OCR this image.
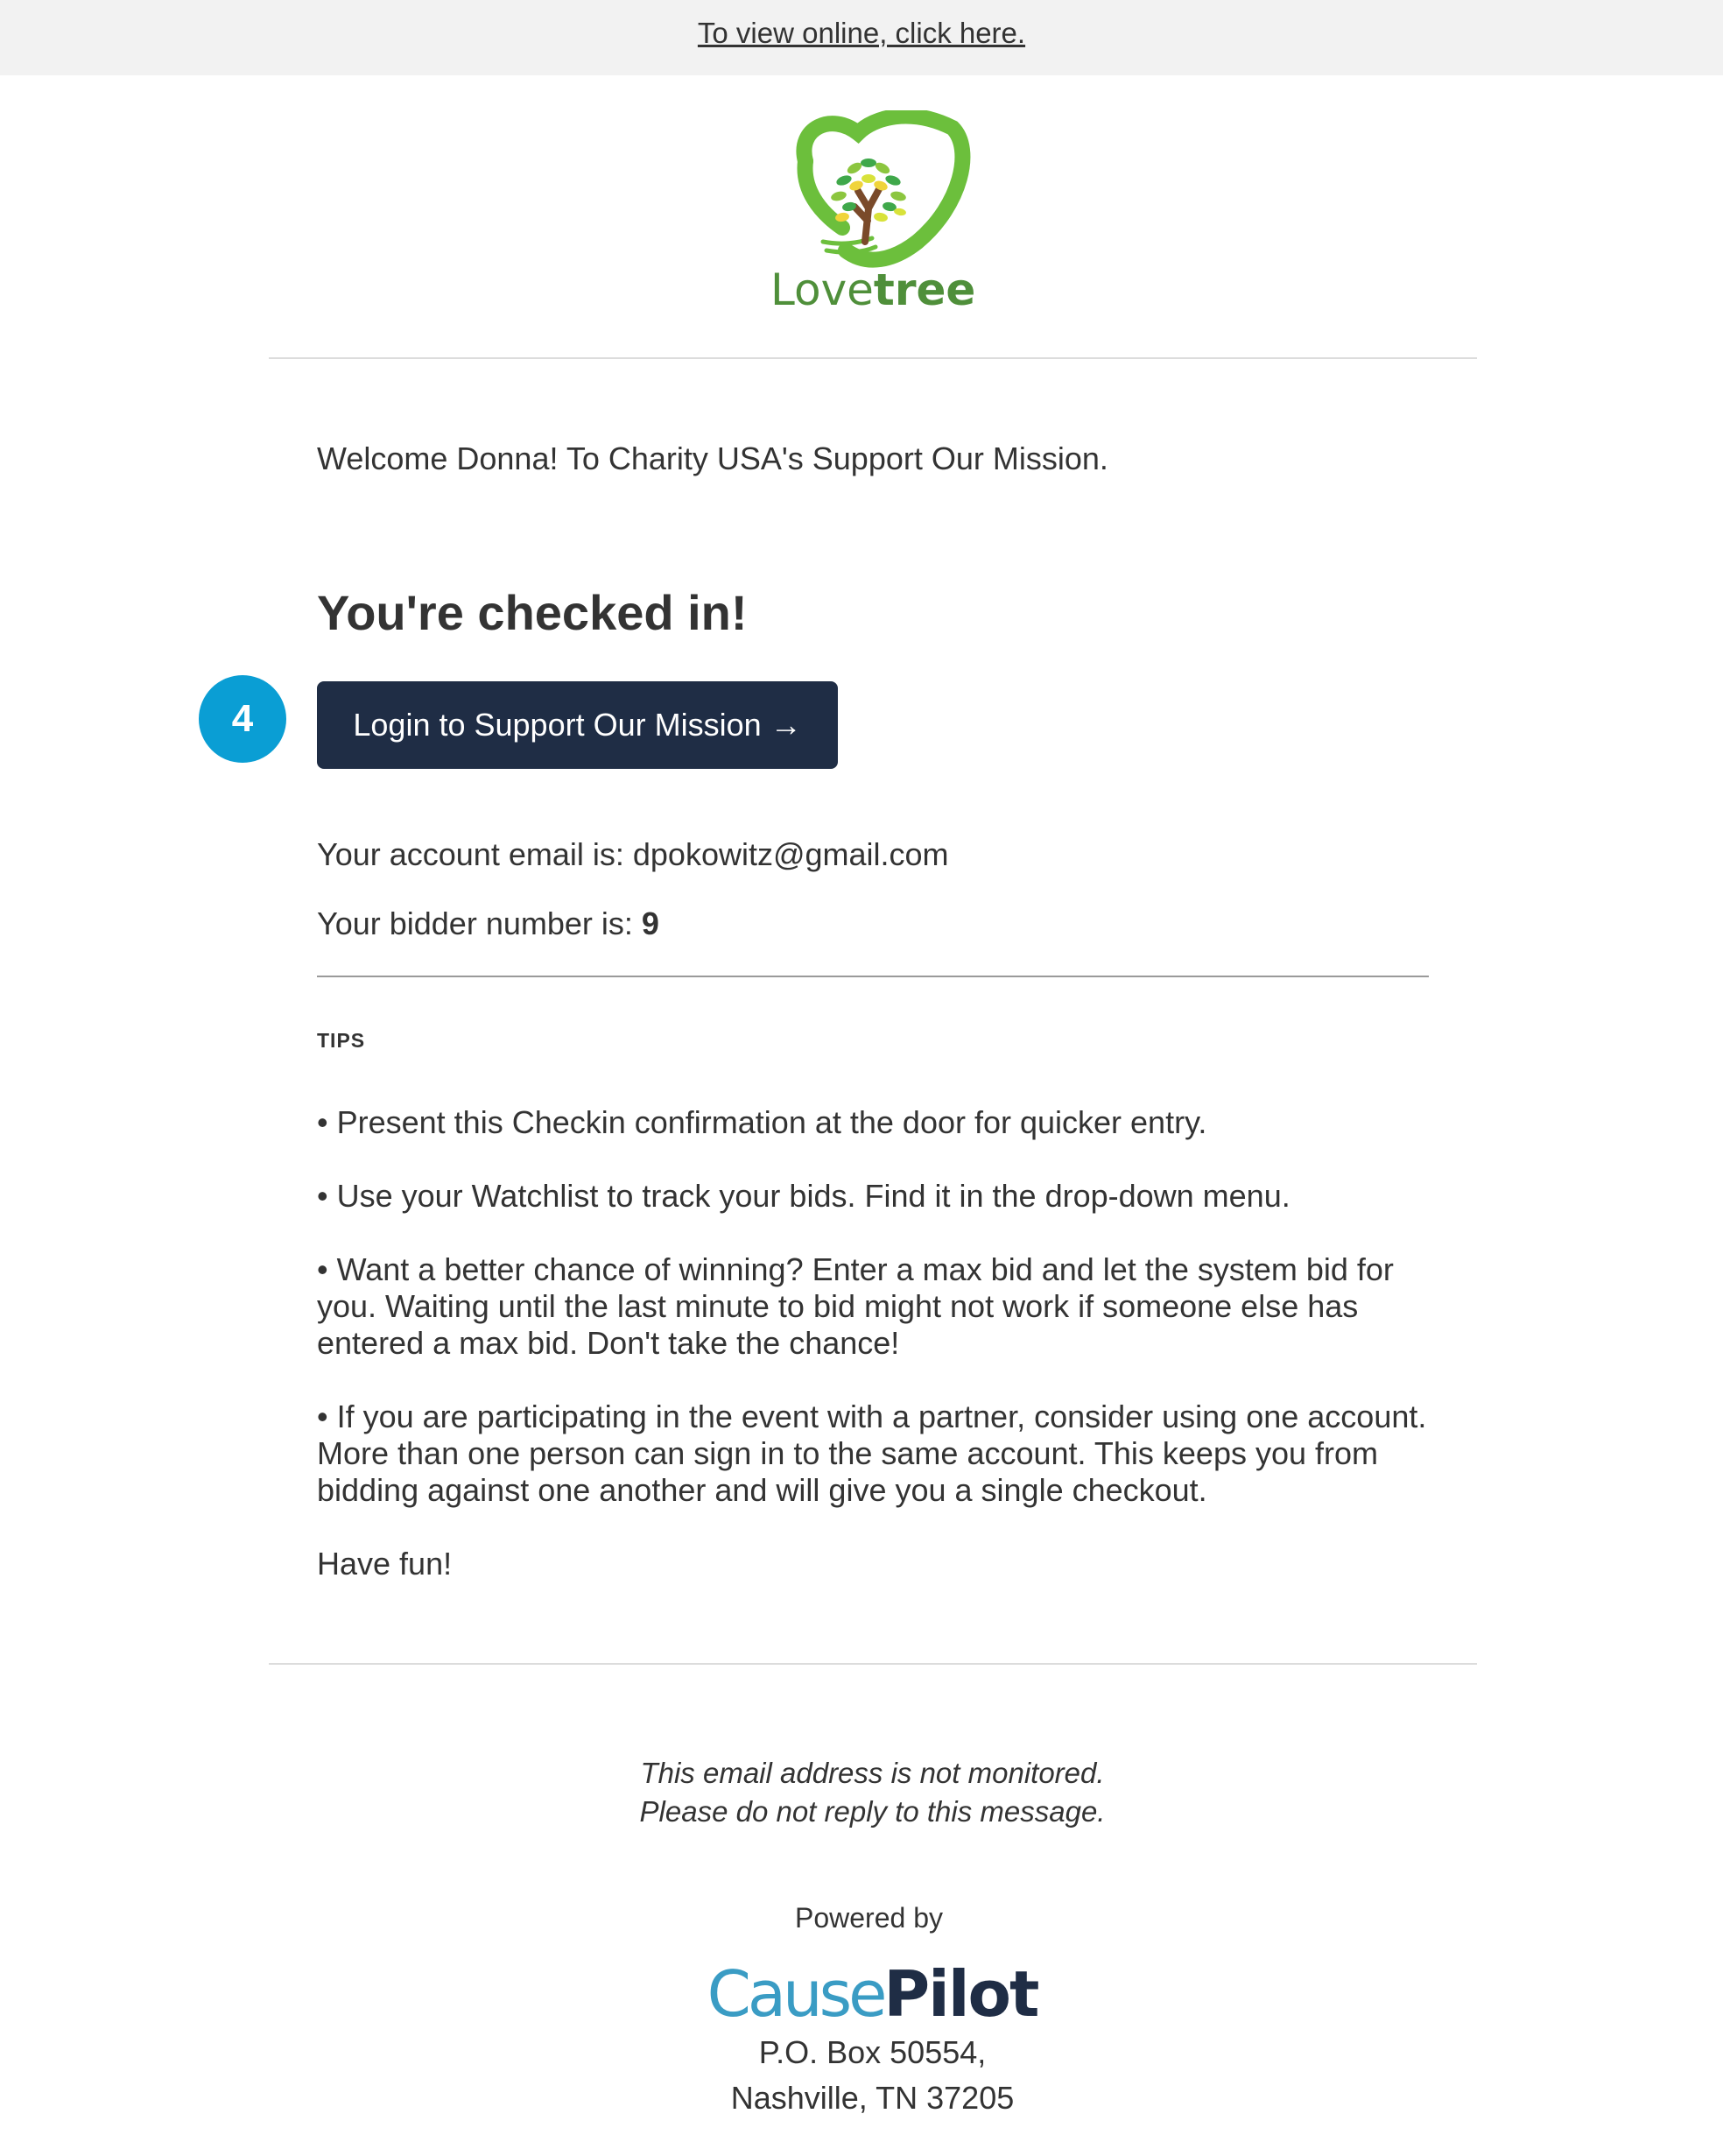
To view online, click here.
Lovetree
Welcome Donna! To Charity USA's Support Our Mission.
You're checked in!
4	Login to Support Our Mission →
Your account email is: dpokowitz@gmail.com
Your bidder number is: 9
TIPS
• Present this Checkin confirmation at the door for quicker entry.
• Use your Watchlist to track your bids. Find it in the drop-down menu.
• Want a better chance of winning? Enter a max bid and let the system bid for you. Waiting until the last minute to bid might not work if someone else has entered a max bid. Don't take the chance!
• If you are participating in the event with a partner, consider using one account. More than one person can sign in to the same account. This keeps you from bidding against one another and will give you a single checkout.
Have fun!
This email address is not monitored.
Please do not reply to this message.
Powered by
CausePilot
P.O. Box 50554,
Nashville, TN 37205
